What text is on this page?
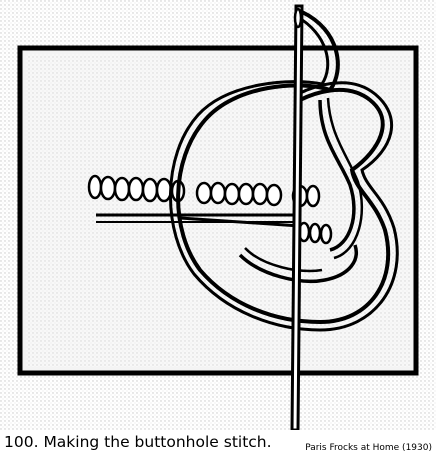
100. Making the buttonhole stitch.	Paris Frocks at Home (1930)
